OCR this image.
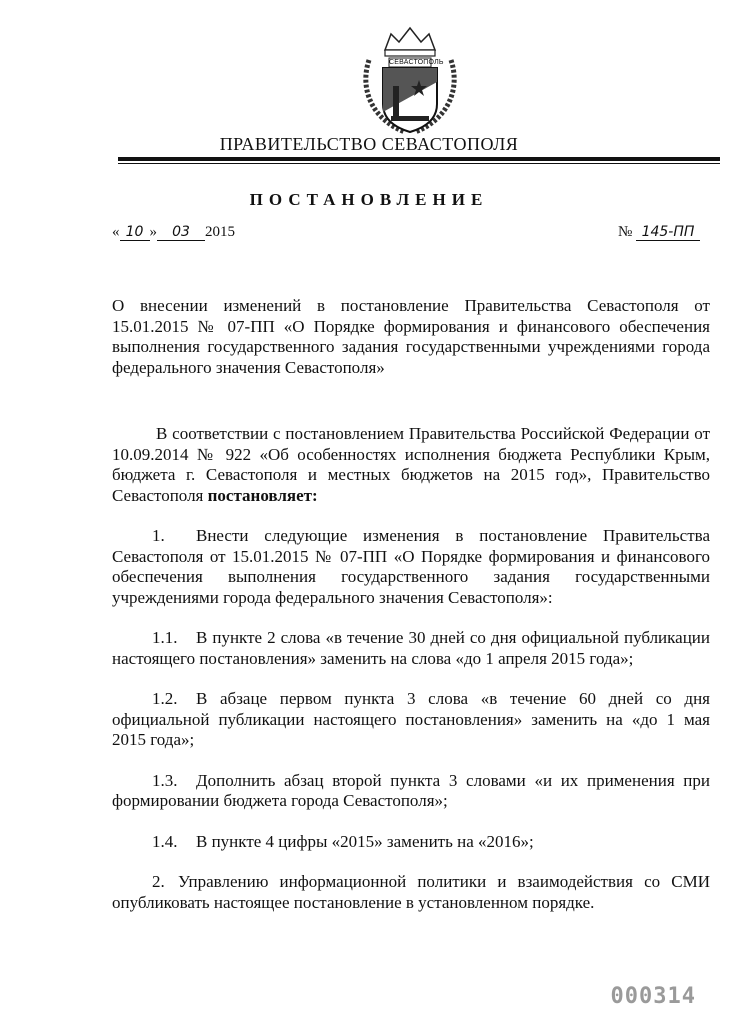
СЕВАСТОПОЛЬ
ПРАВИТЕЛЬСТВО СЕВАСТОПОЛЯ
ПОСТАНОВЛЕНИЕ
« 10 » 03 2015	№ 145-ПП
О внесении изменений в постановление Правительства Севастополя от 15.01.2015 № 07-ПП «О Порядке формирования и финансового обеспечения выполнения государственного задания государственными учреждениями города федерального значения Севастополя»

В соответствии с постановлением Правительства Российской Федерации от 10.09.2014 № 922 «Об особенностях исполнения бюджета Республики Крым, бюджета г. Севастополя и местных бюджетов на 2015 год», Правительство Севастополя постановляет:

1. Внести следующие изменения в постановление Правительства Севастополя от 15.01.2015 № 07-ПП «О Порядке формирования и финансового обеспечения выполнения государственного задания государственными учреждениями города федерального значения Севастополя»:

1.1. В пункте 2 слова «в течение 30 дней со дня официальной публикации настоящего постановления» заменить на слова «до 1 апреля 2015 года»;

1.2. В абзаце первом пункта 3 слова «в течение 60 дней со дня официальной публикации настоящего постановления» заменить на «до 1 мая 2015 года»;

1.3. Дополнить абзац второй пункта 3 словами «и их применения при формировании бюджета города Севастополя»;

1.4. В пункте 4 цифры «2015» заменить на «2016»;

2. Управлению информационной политики и взаимодействия со СМИ опубликовать настоящее постановление в установленном порядке.

000314
